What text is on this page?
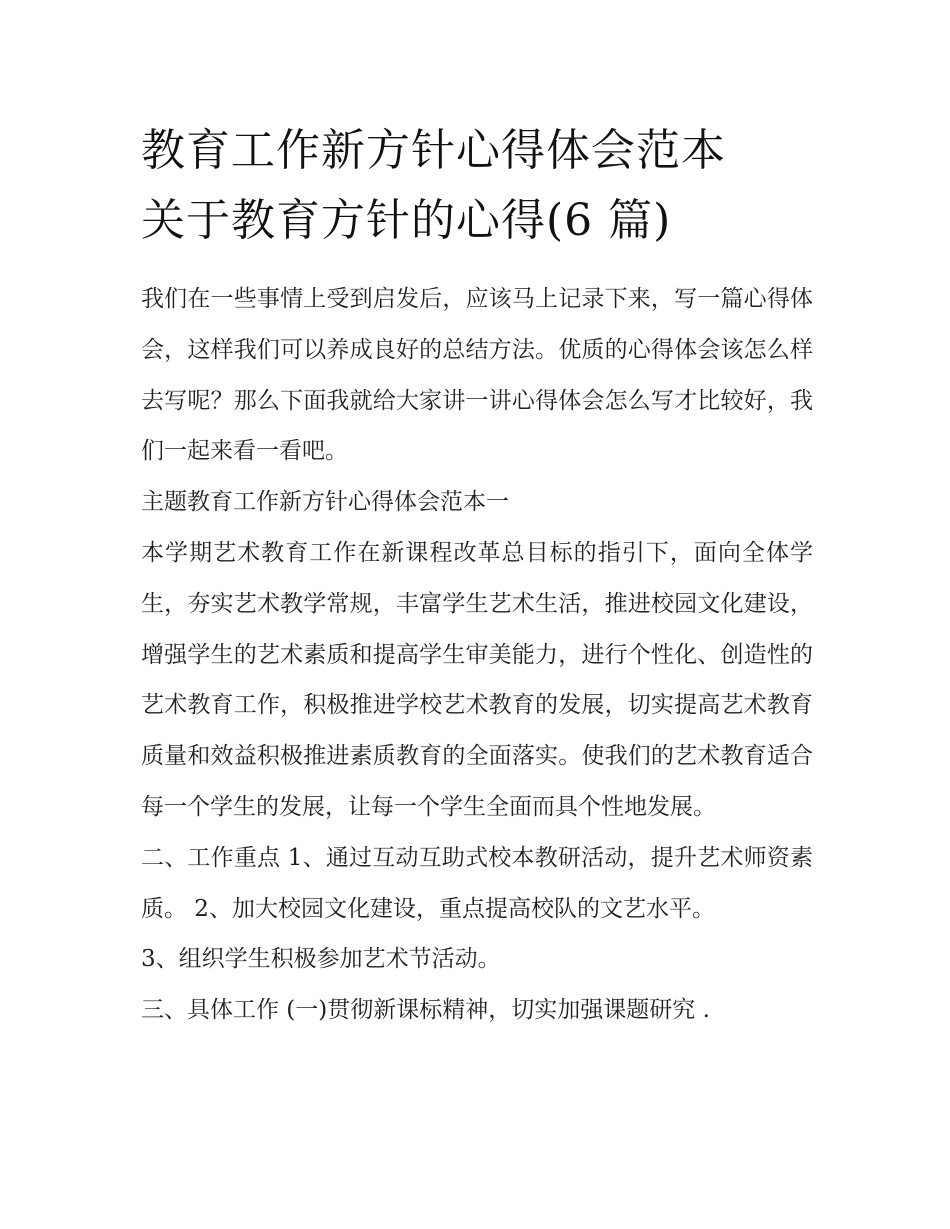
教育工作新方针心得体会范本
关于教育方针的心得(6 篇)

我们在一些事情上受到启发后，应该马上记录下来，写一篇心得体会，这样我们可以养成良好的总结方法。优质的心得体会该怎么样去写呢？那么下面我就给大家讲一讲心得体会怎么写才比较好，我们一起来看一看吧。

主题教育工作新方针心得体会范本一

本学期艺术教育工作在新课程改革总目标的指引下，面向全体学生，夯实艺术教学常规，丰富学生艺术生活，推进校园文化建设，增强学生的艺术素质和提高学生审美能力，进行个性化、创造性的艺术教育工作，积极推进学校艺术教育的发展，切实提高艺术教育质量和效益积极推进素质教育的全面落实。使我们的艺术教育适合每一个学生的发展，让每一个学生全面而具个性地发展。

二、工作重点 1、通过互动互助式校本教研活动，提升艺术师资素质。 2、加大校园文化建设，重点提高校队的文艺水平。

3、组织学生积极参加艺术节活动。

三、具体工作 (一)贯彻新课标精神，切实加强课题研究 .
